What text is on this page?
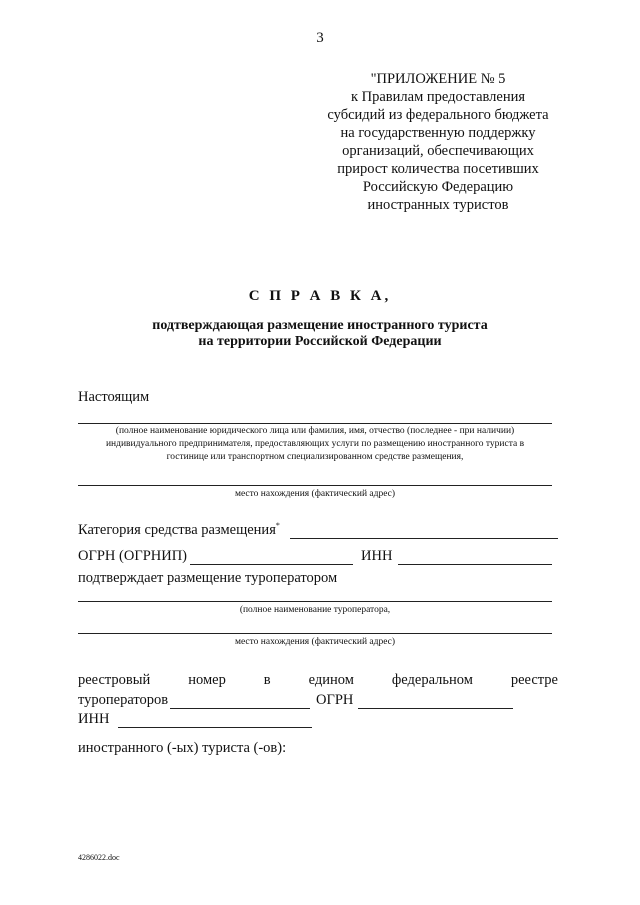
3
"ПРИЛОЖЕНИЕ № 5
к Правилам предоставления
субсидий из федерального бюджета
на государственную поддержку
организаций, обеспечивающих
прирост количества посетивших
Российскую Федерацию
иностранных туристов
С П Р А В К А,
подтверждающая размещение иностранного туриста
на территории Российской Федерации
Настоящим
(полное наименование юридического лица или фамилия, имя, отчество (последнее - при наличии)
индивидуального предпринимателя, предоставляющих услуги по размещению иностранного туриста в
гостинице или транспортном специализированном средстве размещения,
место нахождения (фактический адрес)
Категория средства размещения*
ОГРН (ОГРНИП)	ИНН
подтверждает размещение туроператором
(полное наименование туроператора,
место нахождения (фактический адрес)
реестровый	номер	в	едином	федеральном	реестре
туроператоров	ОГРН
ИНН
иностранного (-ых) туриста (-ов):
4286022.doc
